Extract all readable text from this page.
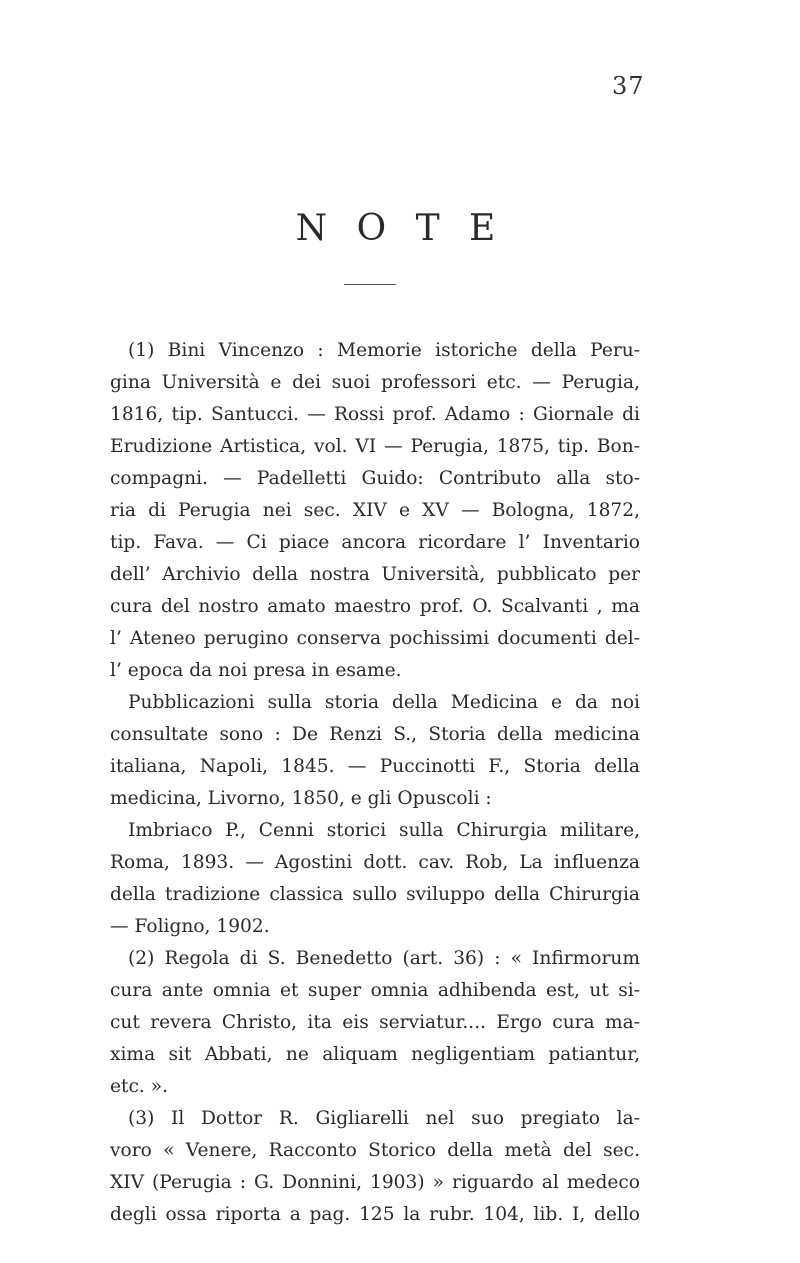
37
N O T E
(1) Bini Vincenzo : Memorie istoriche della Peru-
gina Università e dei suoi professori etc. — Perugia,
1816, tip. Santucci. — Rossi prof. Adamo : Giornale di
Erudizione Artistica, vol. VI — Perugia, 1875, tip. Bon-
compagni. — Padelletti Guido: Contributo alla sto-
ria di Perugia nei sec. XIV e XV — Bologna, 1872,
tip. Fava. — Ci piace ancora ricordare l’ Inventario
dell’ Archivio della nostra Università, pubblicato per
cura del nostro amato maestro prof. O. Scalvanti , ma
l’ Ateneo perugino conserva pochissimi documenti del-
l’ epoca da noi presa in esame.
Pubblicazioni sulla storia della Medicina e da noi
consultate sono : De Renzi S., Storia della medicina
italiana, Napoli, 1845. — Puccinotti F., Storia della
medicina, Livorno, 1850, e gli Opuscoli :
Imbriaco P., Cenni storici sulla Chirurgia militare,
Roma, 1893. — Agostini dott. cav. Rob, La influenza
della tradizione classica sullo sviluppo della Chirurgia
— Foligno, 1902.
(2) Regola di S. Benedetto (art. 36) : « Infirmorum
cura ante omnia et super omnia adhibenda est, ut si-
cut revera Christo, ita eis serviatur.... Ergo cura ma-
xima sit Abbati, ne aliquam negligentiam patiantur,
etc. ».
(3) Il Dottor R. Gigliarelli nel suo pregiato la-
voro « Venere, Racconto Storico della metà del sec.
XIV (Perugia : G. Donnini, 1903) » riguardo al medeco
degli ossa riporta a pag. 125 la rubr. 104, lib. I, dello
